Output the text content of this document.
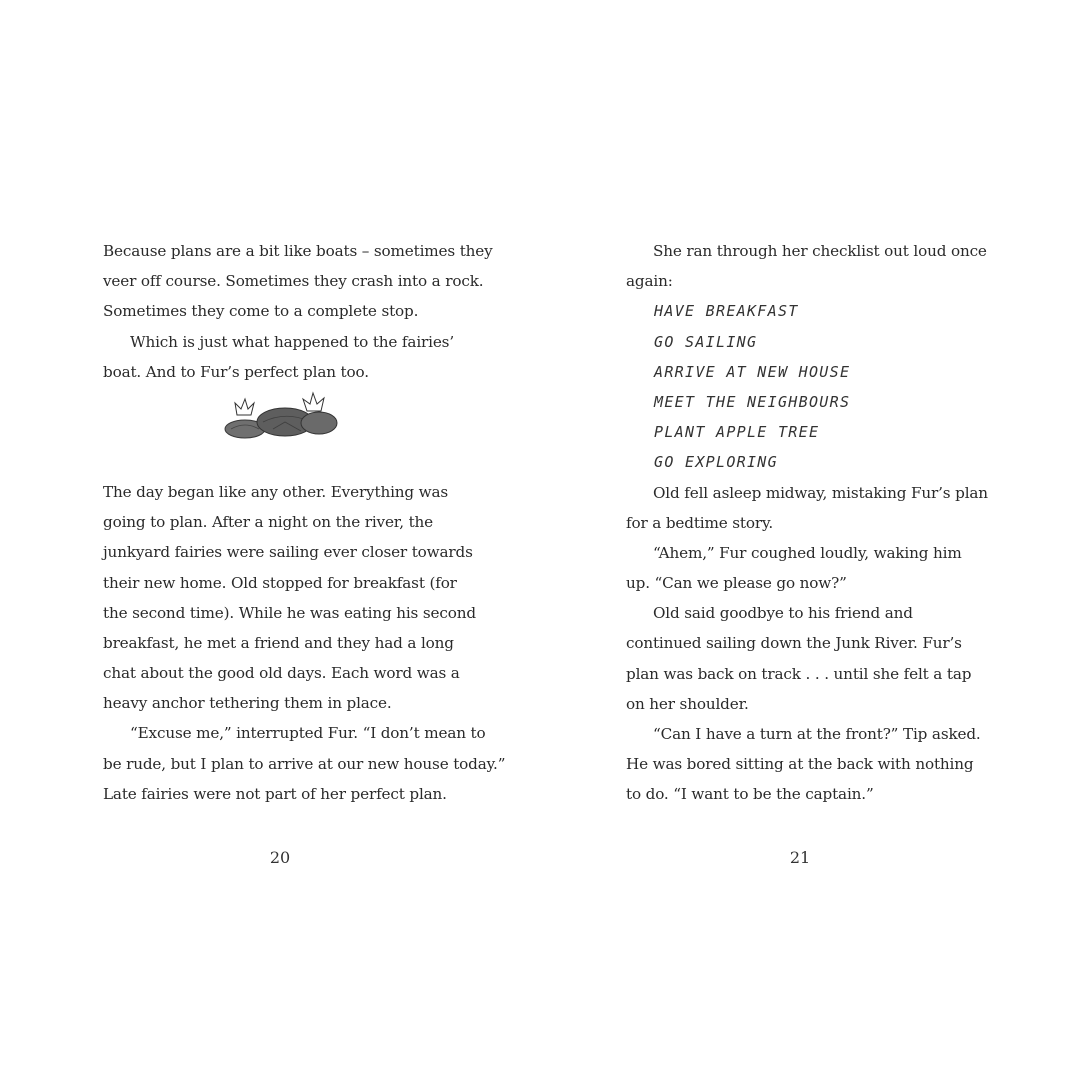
Because plans are a bit like boats – sometimes they
veer off course. Sometimes they crash into a rock.
Sometimes they come to a complete stop.
Which is just what happened to the fairies’
boat. And to Fur’s perfect plan too.
The day began like any other. Everything was
going to plan. After a night on the river, the
junkyard fairies were sailing ever closer towards
their new home. Old stopped for breakfast (for
the second time). While he was eating his second
breakfast, he met a friend and they had a long
chat about the good old days. Each word was a
heavy anchor tethering them in place.
“Excuse me,” interrupted Fur. “I don’t mean to
be rude, but I plan to arrive at our new house today.”
Late fairies were not part of her perfect plan.
20
She ran through her checklist out loud once
again:
HAVE BREAKFAST
GO SAILING
ARRIVE AT NEW HOUSE
MEET THE NEIGHBOURS
PLANT APPLE TREE
GO EXPLORING
Old fell asleep midway, mistaking Fur’s plan
for a bedtime story.
“Ahem,” Fur coughed loudly, waking him
up. “Can we please go now?”
Old said goodbye to his friend and
continued sailing down the Junk River. Fur’s
plan was back on track . . . until she felt a tap
on her shoulder.
“Can I have a turn at the front?” Tip asked.
He was bored sitting at the back with nothing
to do. “I want to be the captain.”
21
